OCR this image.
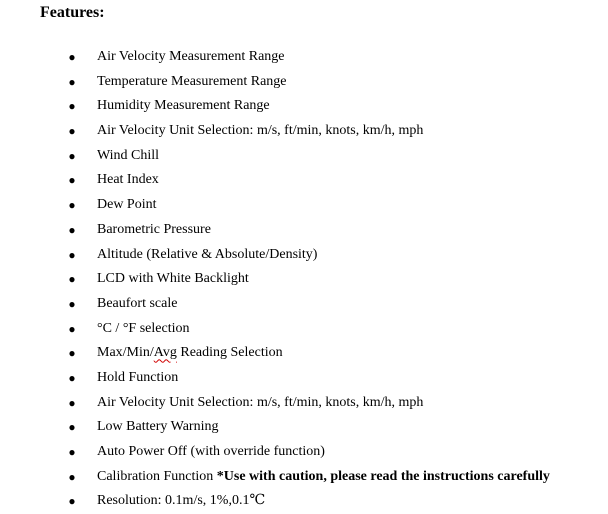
Features:
● Air Velocity Measurement Range
● Temperature Measurement Range
● Humidity Measurement Range
● Air Velocity Unit Selection: m/s, ft/min, knots, km/h, mph
● Wind Chill
● Heat Index
● Dew Point
● Barometric Pressure
● Altitude (Relative & Absolute/Density)
● LCD with White Backlight
● Beaufort scale
● °C / °F selection
● Max/Min/Avg Reading Selection
● Hold Function
● Air Velocity Unit Selection: m/s, ft/min, knots, km/h, mph
● Low Battery Warning
● Auto Power Off (with override function)
● Calibration Function *Use with caution, please read the instructions carefully
● Resolution: 0.1m/s, 1%,0.1℃
